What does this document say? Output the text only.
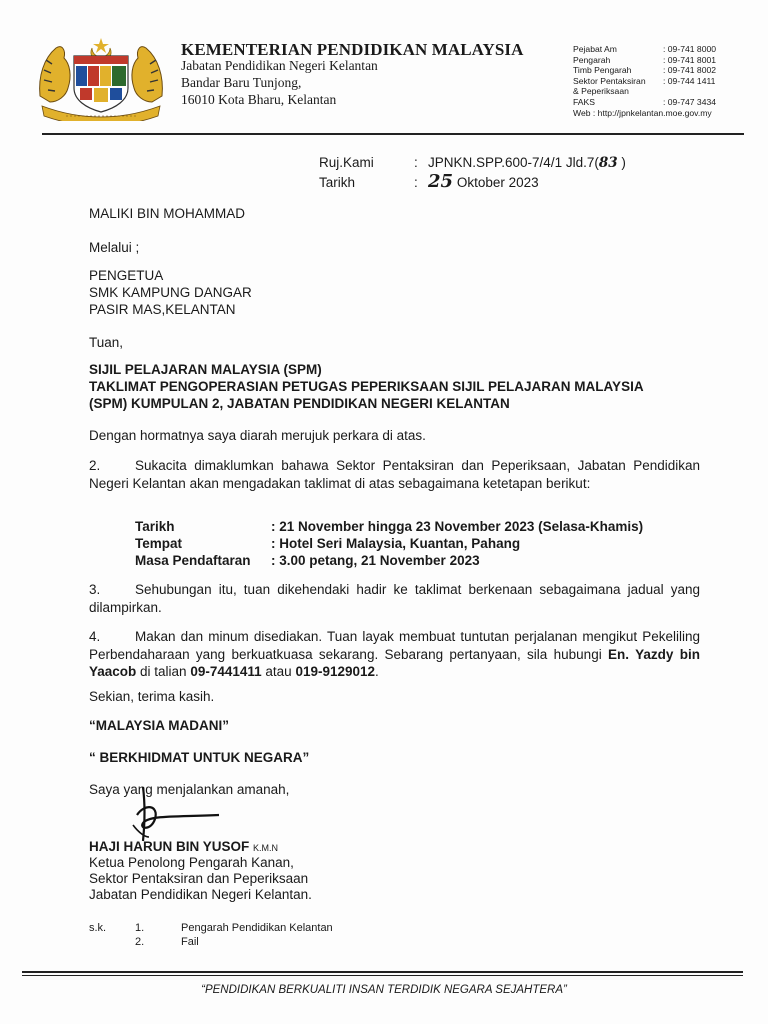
KEMENTERIAN PENDIDIKAN MALAYSIA
Jabatan Pendidikan Negeri Kelantan
Bandar Baru Tunjong,
16010 Kota Bharu, Kelantan
Pejabat Am	: 09-741 8000
Pengarah	: 09-741 8001
Timb Pengarah	: 09-741 8002
Sektor Pentaksiran	: 09-744 1411
& Peperiksaan
FAKS	: 09-747 3434
Web : http://jpnkelantan.moe.gov.my
Ruj.Kami	: JPNKN.SPP.600-7/4/1 Jld.7(83 )
Tarikh	: 25 Oktober 2023
MALIKI BIN MOHAMMAD
Melalui ;
PENGETUA
SMK KAMPUNG DANGAR
PASIR MAS,KELANTAN
Tuan,
SIJIL PELAJARAN MALAYSIA (SPM)
TAKLIMAT PENGOPERASIAN PETUGAS PEPERIKSAAN SIJIL PELAJARAN MALAYSIA
(SPM) KUMPULAN 2, JABATAN PENDIDIKAN NEGERI KELANTAN
Dengan hormatnya saya diarah merujuk perkara di atas.
2.	Sukacita dimaklumkan bahawa Sektor Pentaksiran dan Peperiksaan, Jabatan Pendidikan Negeri Kelantan akan mengadakan taklimat di atas sebagaimana ketetapan berikut:
Tarikh	: 21 November hingga 23 November 2023 (Selasa-Khamis)
Tempat	: Hotel Seri Malaysia, Kuantan, Pahang
Masa Pendaftaran : 3.00 petang, 21 November 2023
3.	Sehubungan itu, tuan dikehendaki hadir ke taklimat berkenaan sebagaimana jadual yang dilampirkan.
4.	Makan dan minum disediakan. Tuan layak membuat tuntutan perjalanan mengikut Pekeliling Perbendaharaan yang berkuatkuasa sekarang. Sebarang pertanyaan, sila hubungi En. Yazdy bin Yaacob di talian 09-7441411 atau 019-9129012.
Sekian, terima kasih.
“MALAYSIA MADANI”
“ BERKHIDMAT UNTUK NEGARA”
Saya yang menjalankan amanah,
HAJI HARUN BIN YUSOF K.M.N
Ketua Penolong Pengarah Kanan,
Sektor Pentaksiran dan Peperiksaan
Jabatan Pendidikan Negeri Kelantan.
s.k.	1.	Pengarah Pendidikan Kelantan
2.	Fail
“PENDIDIKAN BERKUALITI INSAN TERDIDIK NEGARA SEJAHTERA”
